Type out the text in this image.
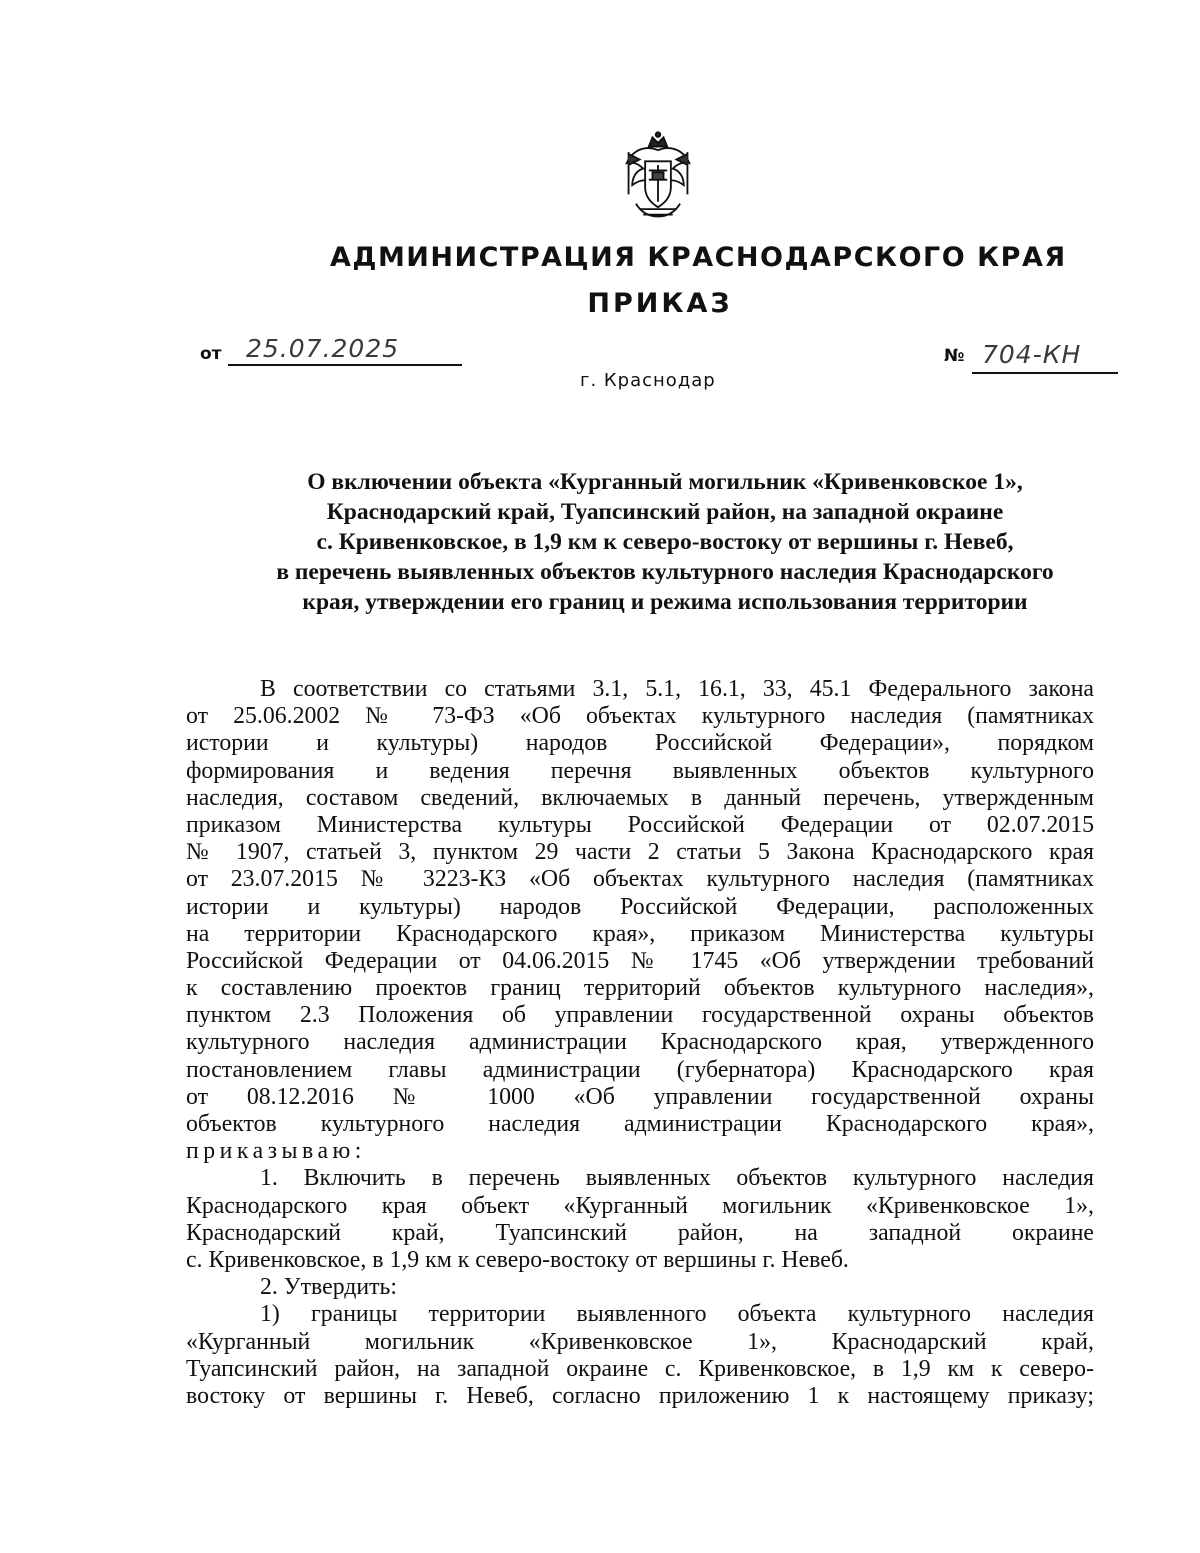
АДМИНИСТРАЦИЯ КРАСНОДАРСКОГО КРАЯ
ПРИКАЗ
от 25.07.2025
г. Краснодар
№ 704-КН
О включении объекта «Курганный могильник «Кривенковское 1»,
Краснодарский край, Туапсинский район, на западной окраине
с. Кривенковское, в 1,9 км к северо-востоку от вершины г. Невеб,
в перечень выявленных объектов культурного наследия Краснодарского
края, утверждении его границ и режима использования территории
В соответствии со статьями 3.1, 5.1, 16.1, 33, 45.1 Федерального закона
от 25.06.2002 № 73-ФЗ «Об объектах культурного наследия (памятниках
истории и культуры) народов Российской Федерации», порядком
формирования и ведения перечня выявленных объектов культурного
наследия, составом сведений, включаемых в данный перечень, утвержденным
приказом Министерства культуры Российской Федерации от 02.07.2015
№ 1907, статьей 3, пунктом 29 части 2 статьи 5 Закона Краснодарского края
от 23.07.2015 № 3223-КЗ «Об объектах культурного наследия (памятниках
истории и культуры) народов Российской Федерации, расположенных
на территории Краснодарского края», приказом Министерства культуры
Российской Федерации от 04.06.2015 № 1745 «Об утверждении требований
к составлению проектов границ территорий объектов культурного наследия»,
пунктом 2.3 Положения об управлении государственной охраны объектов
культурного наследия администрации Краснодарского края, утвержденного
постановлением главы администрации (губернатора) Краснодарского края
от 08.12.2016 № 1000 «Об управлении государственной охраны
объектов культурного наследия администрации Краснодарского края»,
приказываю:
1. Включить в перечень выявленных объектов культурного наследия
Краснодарского края объект «Курганный могильник «Кривенковское 1»,
Краснодарский край, Туапсинский район, на западной окраине
с. Кривенковское, в 1,9 км к северо-востоку от вершины г. Невеб.
2. Утвердить:
1) границы территории выявленного объекта культурного наследия
«Курганный могильник «Кривенковское 1», Краснодарский край,
Туапсинский район, на западной окраине с. Кривенковское, в 1,9 км к северо-
востоку от вершины г. Невеб, согласно приложению 1 к настоящему приказу;
